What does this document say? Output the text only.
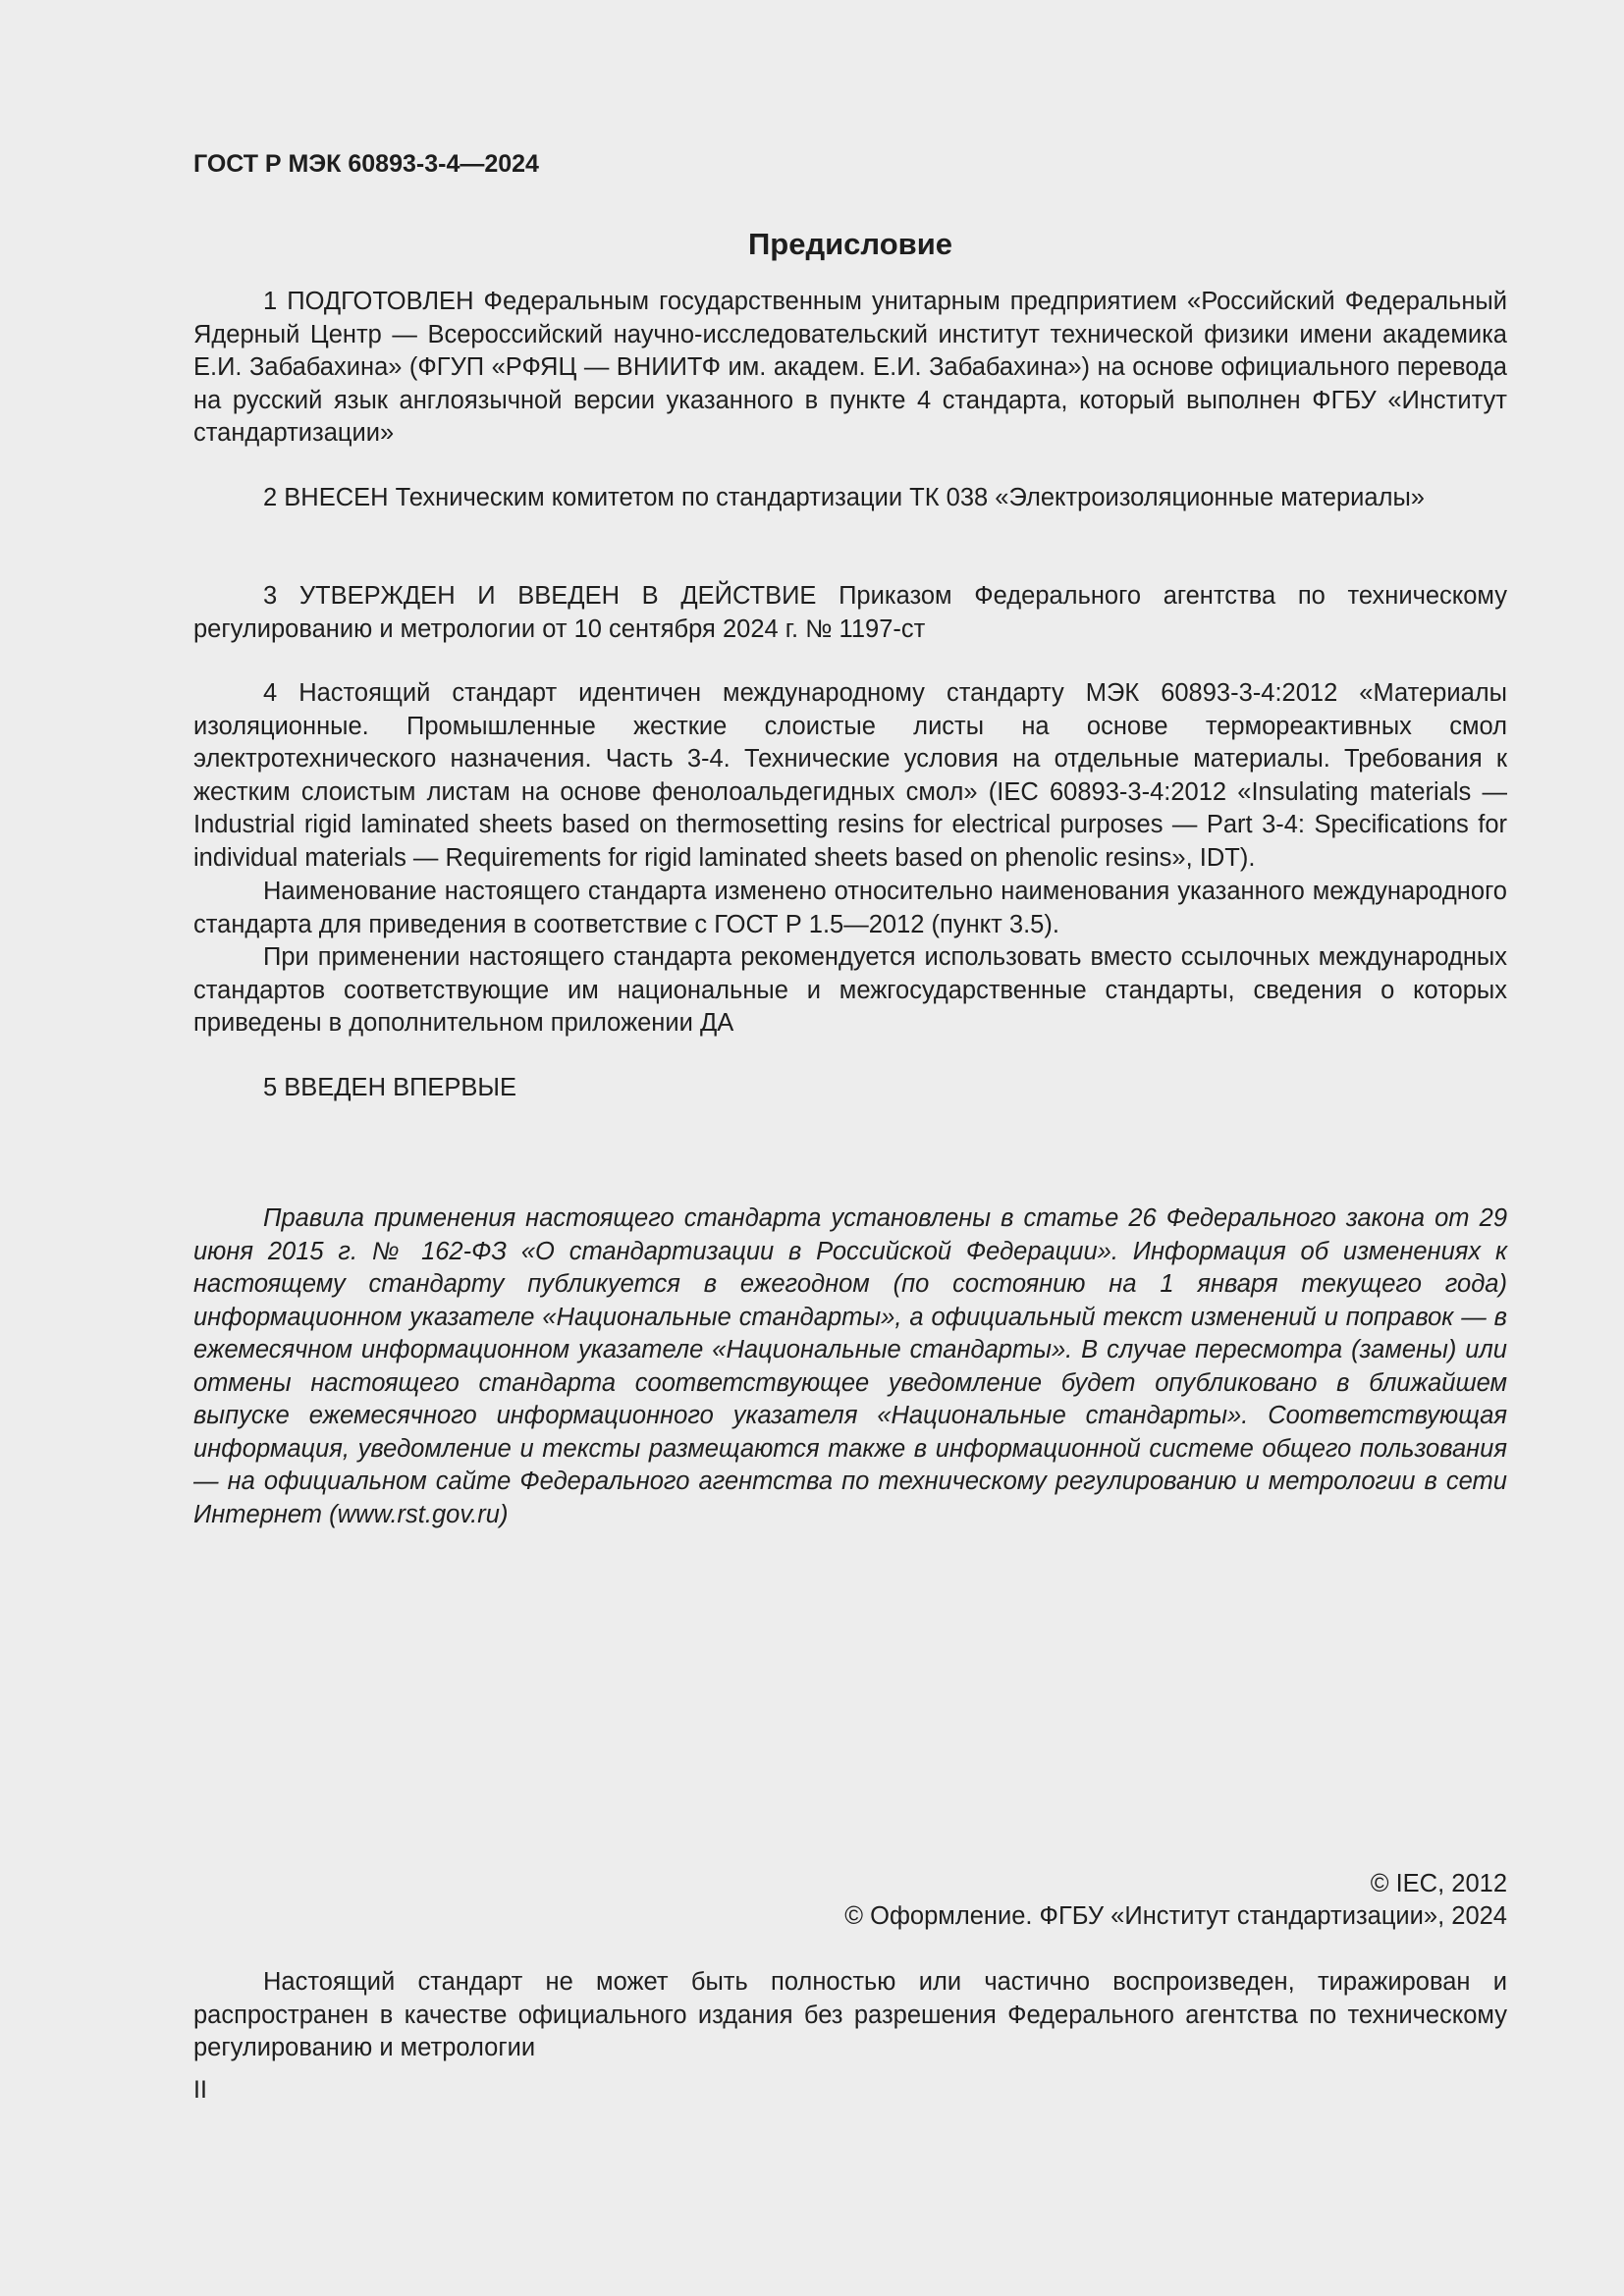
ГОСТ Р МЭК 60893-3-4—2024
Предисловие

1 ПОДГОТОВЛЕН Федеральным государственным унитарным предприятием «Российский Федеральный Ядерный Центр — Всероссийский научно-исследовательский институт технической физики имени академика Е.И. Забабахина» (ФГУП «РФЯЦ — ВНИИТФ им. академ. Е.И. Забабахина») на основе официального перевода на русский язык англоязычной версии указанного в пункте 4 стандарта, который выполнен ФГБУ «Институт стандартизации»

2 ВНЕСЕН Техническим комитетом по стандартизации ТК 038 «Электроизоляционные материалы»

3 УТВЕРЖДЕН И ВВЕДЕН В ДЕЙСТВИЕ Приказом Федерального агентства по техническому регулированию и метрологии от 10 сентября 2024 г. № 1197-ст

4 Настоящий стандарт идентичен международному стандарту МЭК 60893-3-4:2012 «Материалы изоляционные. Промышленные жесткие слоистые листы на основе термореактивных смол электротехнического назначения. Часть 3-4. Технические условия на отдельные материалы. Требования к жестким слоистым листам на основе фенолоальдегидных смол» (IEC 60893-3-4:2012 «Insulating materials — Industrial rigid laminated sheets based on thermosetting resins for electrical purposes — Part 3-4: Specifications for individual materials — Requirements for rigid laminated sheets based on phenolic resins», IDT).

Наименование настоящего стандарта изменено относительно наименования указанного международного стандарта для приведения в соответствие с ГОСТ Р 1.5—2012 (пункт 3.5).

При применении настоящего стандарта рекомендуется использовать вместо ссылочных международных стандартов соответствующие им национальные и межгосударственные стандарты, сведения о которых приведены в дополнительном приложении ДА

5 ВВЕДЕН ВПЕРВЫЕ

Правила применения настоящего стандарта установлены в статье 26 Федерального закона от 29 июня 2015 г. № 162-ФЗ «О стандартизации в Российской Федерации». Информация об изменениях к настоящему стандарту публикуется в ежегодном (по состоянию на 1 января текущего года) информационном указателе «Национальные стандарты», а официальный текст изменений и поправок — в ежемесячном информационном указателе «Национальные стандарты». В случае пересмотра (замены) или отмены настоящего стандарта соответствующее уведомление будет опубликовано в ближайшем выпуске ежемесячного информационного указателя «Национальные стандарты». Соответствующая информация, уведомление и тексты размещаются также в информационной системе общего пользования — на официальном сайте Федерального агентства по техническому регулированию и метрологии в сети Интернет (www.rst.gov.ru)

© IEC, 2012
© Оформление. ФГБУ «Институт стандартизации», 2024

Настоящий стандарт не может быть полностью или частично воспроизведен, тиражирован и распространен в качестве официального издания без разрешения Федерального агентства по техническому регулированию и метрологии

II
